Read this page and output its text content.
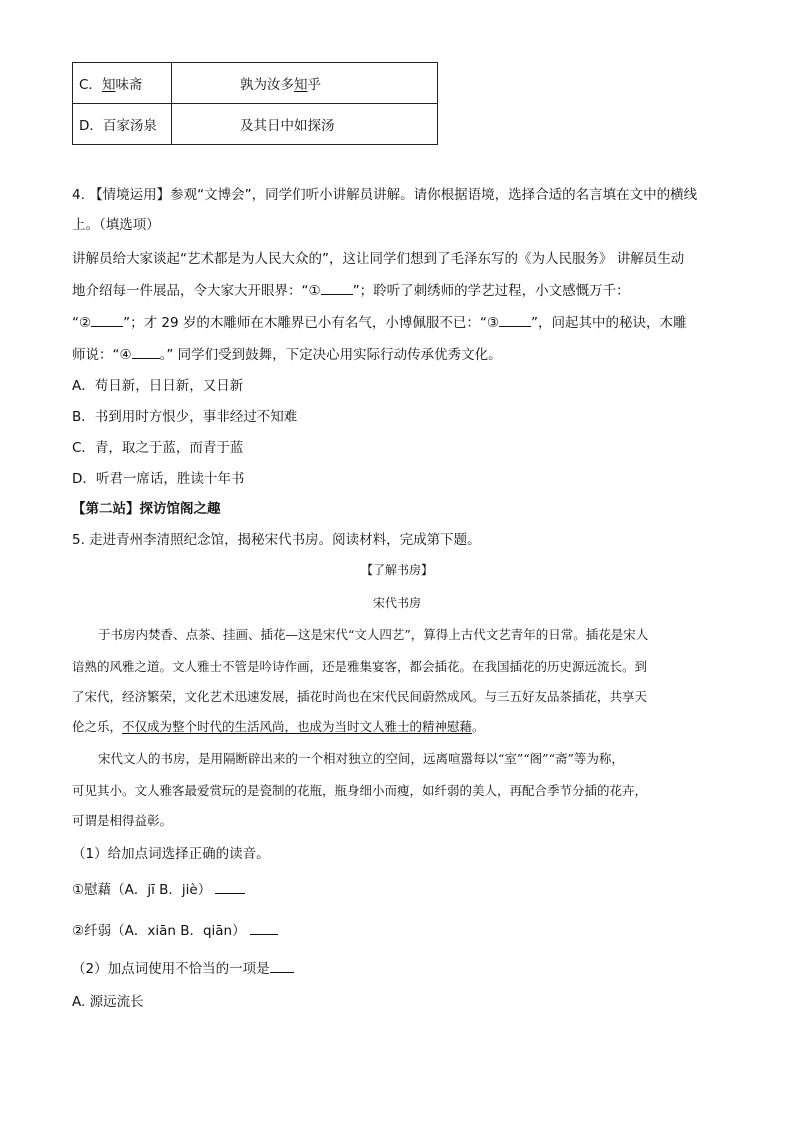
C．知味斋	孰为汝多知乎
D．百家汤泉	及其日中如探汤
4. 【情境运用】参观“文博会”，同学们听小讲解员讲解。请你根据语境，选择合适的名言填在文中的横线
上。（填选项）
讲解员给大家谈起“艺术都是为人民大众的”，这让同学们想到了毛泽东写的《为人民服务》 讲解员生动
地介绍每一件展品，令大家大开眼界：“① ”；聆听了刺绣师的学艺过程，小文感慨万千：
“② ”；才 29 岁的木雕师在木雕界已小有名气，小博佩服不已：“③ ”，问起其中的秘诀，木雕
师说：“④ 。” 同学们受到鼓舞，下定决心用实际行动传承优秀文化。
A．苟日新，日日新，又日新
B．书到用时方恨少，事非经过不知难
C．青，取之于蓝，而青于蓝
D．听君一席话，胜读十年书
【第二站】探访馆阁之趣
5. 走进青州李清照纪念馆，揭秘宋代书房。阅读材料，完成第下题。
【了解书房】
宋代书房
于书房内焚香、点茶、挂画、插花—这是宋代“文人四艺”，算得上古代文艺青年的日常。插花是宋人
谙熟的风雅之道。文人雅士不管是吟诗作画，还是雅集宴客，都会插花。在我国插花的历史源远流长。到
了宋代，经济繁荣，文化艺术迅速发展，插花时尚也在宋代民间蔚然成风。与三五好友品茶插花，共享天
伦之乐，不仅成为整个时代的生活风尚，也成为当时文人雅士的精神慰藉。
宋代文人的书房，是用隔断辟出来的一个相对独立的空间，远离喧嚣每以“室”“阁”“斋”等为称，
可见其小。文人雅客最爱赏玩的是瓷制的花瓶，瓶身细小而瘦，如纤弱的美人，再配合季节分插的花卉，
可谓是相得益彰。
（1）给加点词选择正确的读音。
①慰藉（A．jī B．jiè）
②纤弱（A．xiān B．qiān）
（2）加点词使用不恰当的一项是
A. 源远流长
